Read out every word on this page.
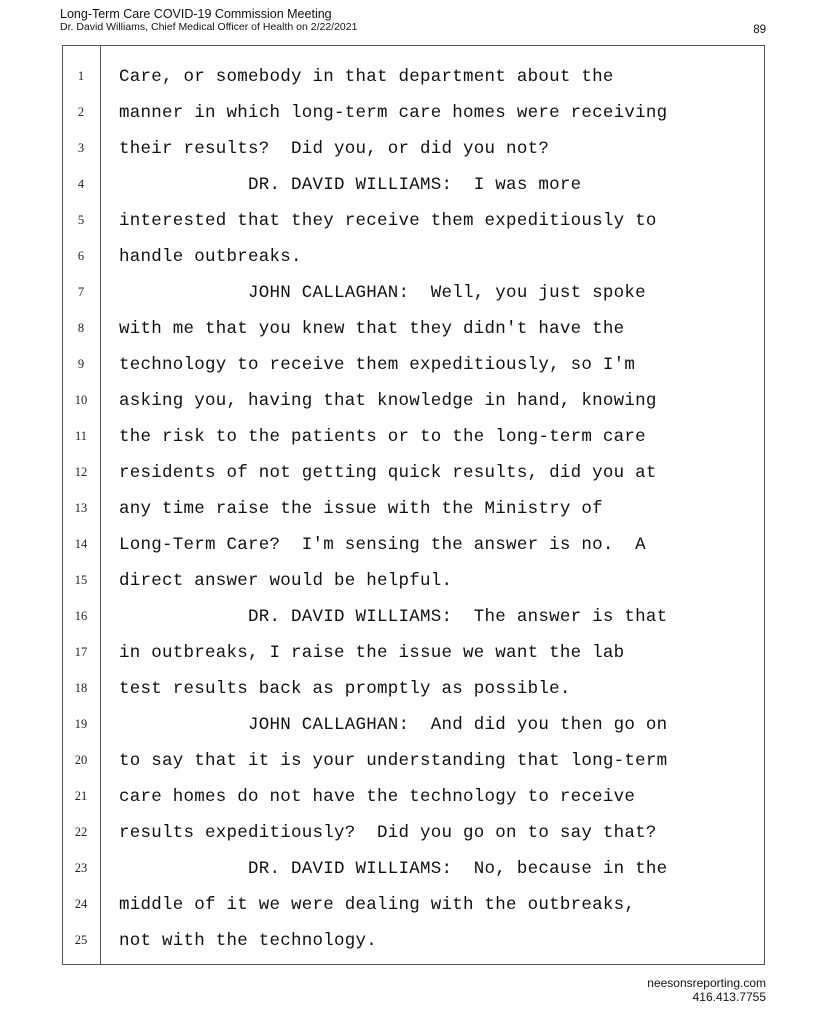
Long-Term Care COVID-19 Commission Meeting
Dr. David Williams, Chief Medical Officer of Health on 2/22/2021	89
1
2
3
4
5
6
7
8
9
10
11
12
13
14
15
16
17
18
19
20
21
22
23
24
25
Care, or somebody in that department about the
manner in which long-term care homes were receiving
their results?  Did you, or did you not?
DR. DAVID WILLIAMS:  I was more
interested that they receive them expeditiously to
handle outbreaks.
JOHN CALLAGHAN:  Well, you just spoke
with me that you knew that they didn't have the
technology to receive them expeditiously, so I'm
asking you, having that knowledge in hand, knowing
the risk to the patients or to the long-term care
residents of not getting quick results, did you at
any time raise the issue with the Ministry of
Long-Term Care?  I'm sensing the answer is no.  A
direct answer would be helpful.
DR. DAVID WILLIAMS:  The answer is that
in outbreaks, I raise the issue we want the lab
test results back as promptly as possible.
JOHN CALLAGHAN:  And did you then go on
to say that it is your understanding that long-term
care homes do not have the technology to receive
results expeditiously?  Did you go on to say that?
DR. DAVID WILLIAMS:  No, because in the
middle of it we were dealing with the outbreaks,
not with the technology.
neesonsreporting.com
416.413.7755
